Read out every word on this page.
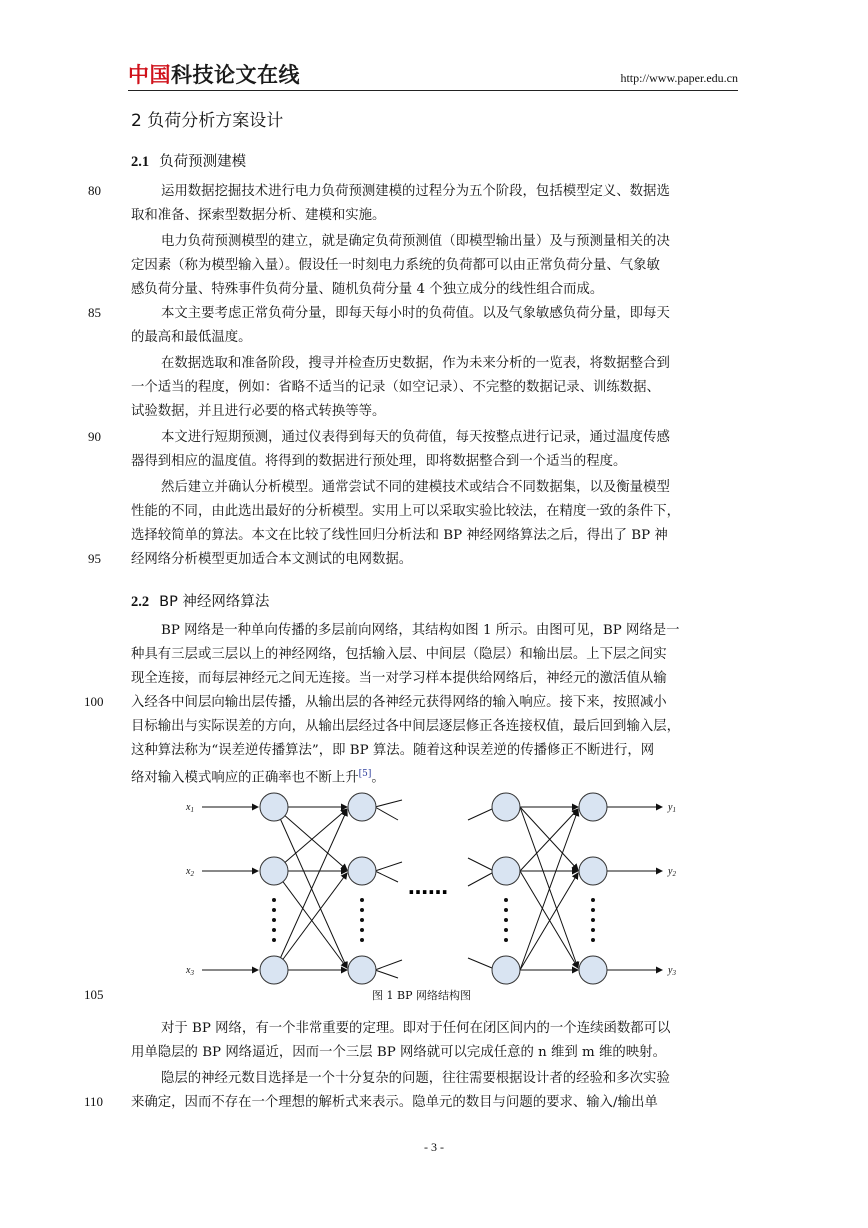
中国科技论文在线	http://www.paper.edu.cn
2 负荷分析方案设计
2.1 负荷预测建模
运用数据挖掘技术进行电力负荷预测建模的过程分为五个阶段，包括模型定义、数据选
取和准备、探索型数据分析、建模和实施。
电力负荷预测模型的建立，就是确定负荷预测值（即模型输出量）及与预测量相关的决
定因素（称为模型输入量）。假设任一时刻电力系统的负荷都可以由正常负荷分量、气象敏
感负荷分量、特殊事件负荷分量、随机负荷分量 4 个独立成分的线性组合而成。
本文主要考虑正常负荷分量，即每天每小时的负荷值。以及气象敏感负荷分量，即每天
的最高和最低温度。
在数据选取和准备阶段，搜寻并检查历史数据，作为未来分析的一览表，将数据整合到
一个适当的程度，例如：省略不适当的记录（如空记录）、不完整的数据记录、训练数据、
试验数据，并且进行必要的格式转换等等。
本文进行短期预测，通过仪表得到每天的负荷值，每天按整点进行记录，通过温度传感
器得到相应的温度值。将得到的数据进行预处理，即将数据整合到一个适当的程度。
然后建立并确认分析模型。通常尝试不同的建模技术或结合不同数据集，以及衡量模型
性能的不同，由此选出最好的分析模型。实用上可以采取实验比较法，在精度一致的条件下，
选择较简单的算法。本文在比较了线性回归分析法和 BP 神经网络算法之后，得出了 BP 神
经网络分析模型更加适合本文测试的电网数据。
2.2 BP 神经网络算法
BP 网络是一种单向传播的多层前向网络，其结构如图 1 所示。由图可见，BP 网络是一
种具有三层或三层以上的神经网络，包括输入层、中间层（隐层）和输出层。上下层之间实
现全连接，而每层神经元之间无连接。当一对学习样本提供给网络后，神经元的激活值从输
入经各中间层向输出层传播，从输出层的各神经元获得网络的输入响应。接下来，按照减小
目标输出与实际误差的方向，从输出层经过各中间层逐层修正各连接权值，最后回到输入层，
这种算法称为“误差逆传播算法”，即 BP 算法。随着这种误差逆的传播修正不断进行，网
络对输入模式响应的正确率也不断上升[5]。
……
$x_1$
$x_2$
$x_3$
$y_1$
$y_2$
$y_3$
图 1 BP 网络结构图
对于 BP 网络，有一个非常重要的定理。即对于任何在闭区间内的一个连续函数都可以
用单隐层的 BP 网络逼近，因而一个三层 BP 网络就可以完成任意的 n 维到 m 维的映射。
隐层的神经元数目选择是一个十分复杂的问题，往往需要根据设计者的经验和多次实验
来确定，因而不存在一个理想的解析式来表示。隐单元的数目与问题的要求、输入/输出单
80
85
90
95
100
105
110
- 3 -
